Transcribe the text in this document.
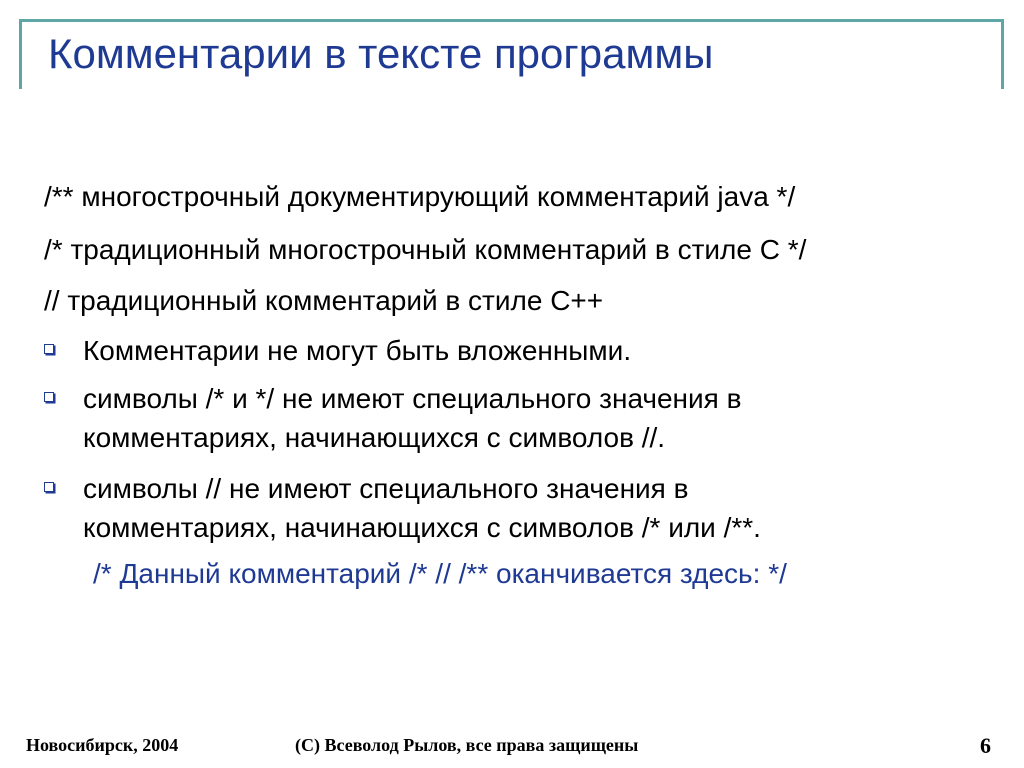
Комментарии в тексте программы
/** многострочный документирующий комментарий java */
/* традиционный многострочный комментарий в стиле C */
// традиционный комментарий в стиле С++
Комментарии не могут быть вложенными.
символы /* и */ не имеют специального значения в
комментариях, начинающихся с символов //.
символы // не имеют специального значения в
комментариях, начинающихся с символов /* или /**.
/* Данный комментарий /* // /** оканчивается здесь: */
Новосибирск, 2004	(C) Всеволод Рылов, все права защищены	6
